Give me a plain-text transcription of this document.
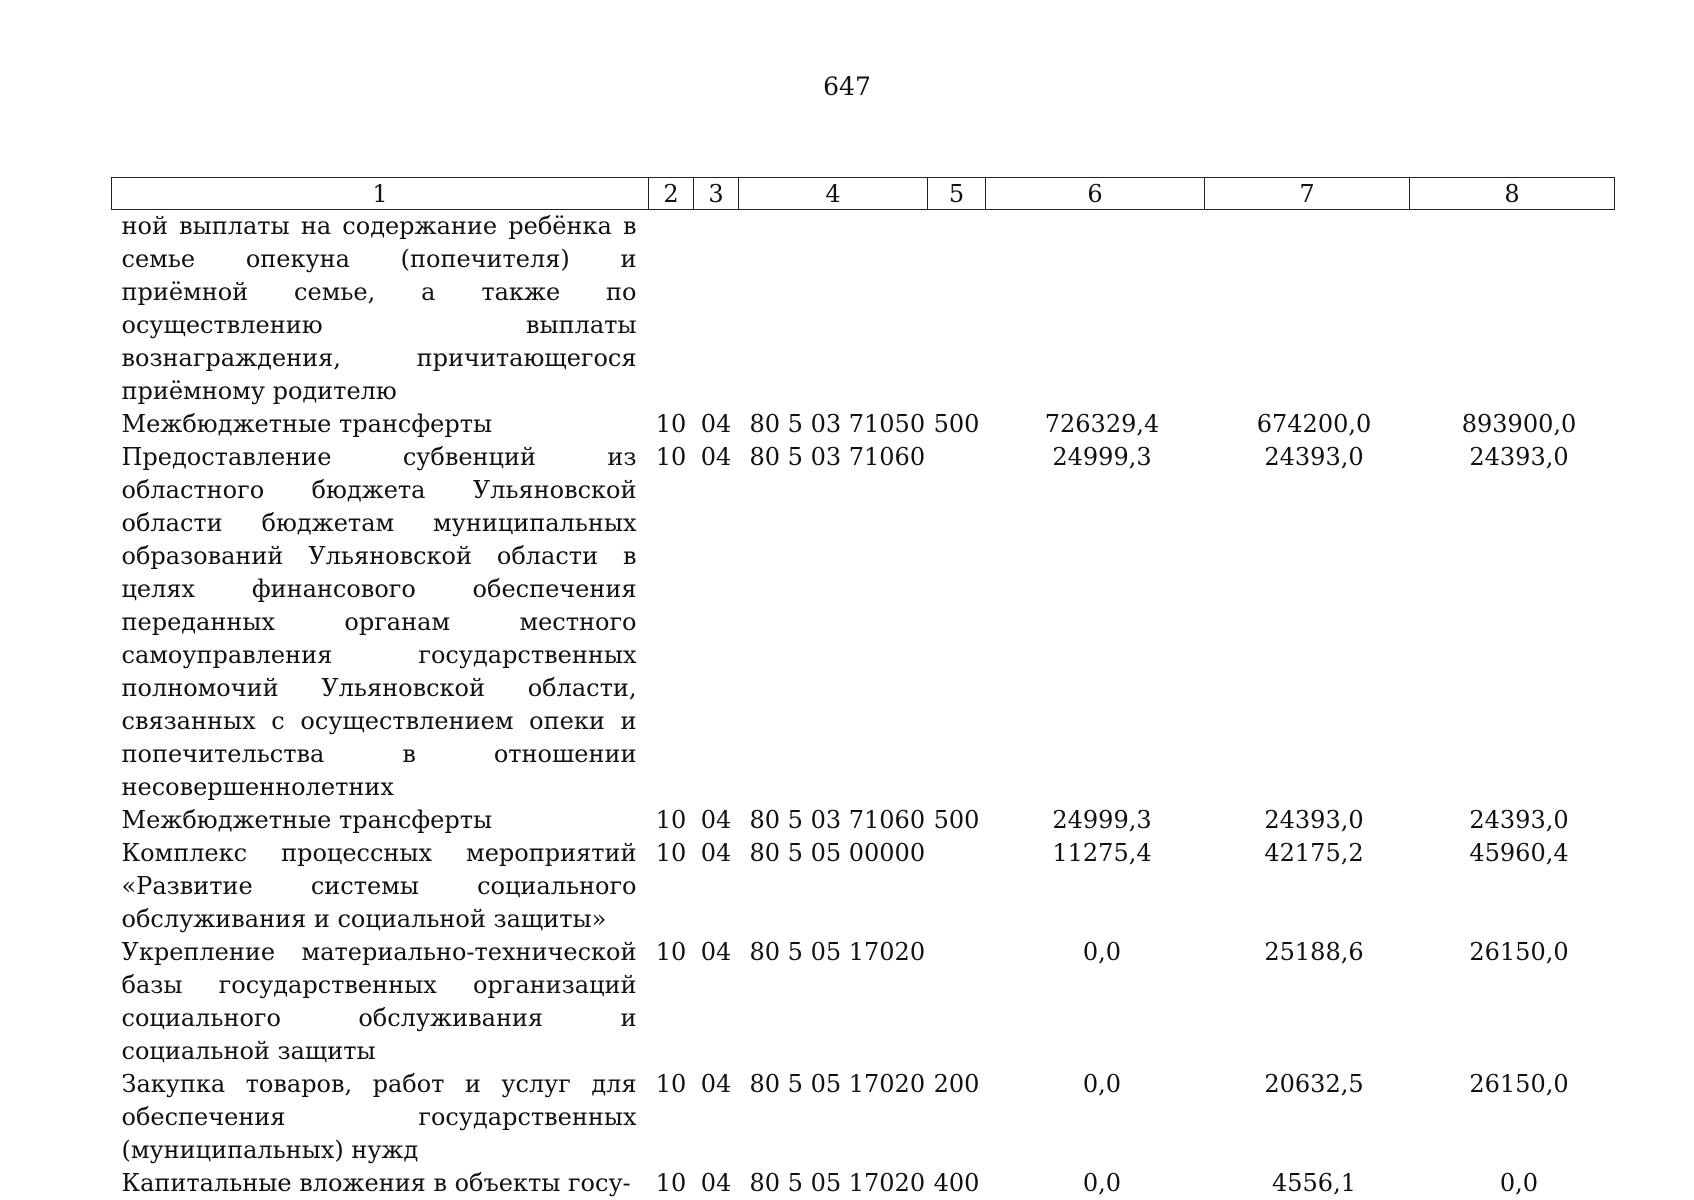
647
1	2	3	4	5	6	7	8
ной выплаты на содержание ребёнка в семье опекуна (попечителя) и приёмной семье, а также по осуществлению выплаты вознаграждения, причитающегося приёмному родителю							
Межбюджетные трансферты	10	04	80 5 03 71050	500	726329,4	674200,0	893900,0
Предоставление субвенций из областного бюджета Ульяновской области бюджетам муниципальных образований Ульяновской области в целях финансового обеспечения переданных органам местного самоуправления государственных полномочий Ульяновской области, связанных с осуществлением опеки и попечительства в отношении несовершеннолетних	10	04	80 5 03 71060		24999,3	24393,0	24393,0
Межбюджетные трансферты	10	04	80 5 03 71060	500	24999,3	24393,0	24393,0
Комплекс процессных мероприятий «Развитие системы социального обслуживания и социальной защиты»	10	04	80 5 05 00000		11275,4	42175,2	45960,4
Укрепление материально-технической базы государственных организаций социального обслуживания и социальной защиты	10	04	80 5 05 17020		0,0	25188,6	26150,0
Закупка товаров, работ и услуг для обеспечения государственных (муниципальных) нужд	10	04	80 5 05 17020	200	0,0	20632,5	26150,0
Капитальные вложения в объекты госу-	10	04	80 5 05 17020	400	0,0	4556,1	0,0
